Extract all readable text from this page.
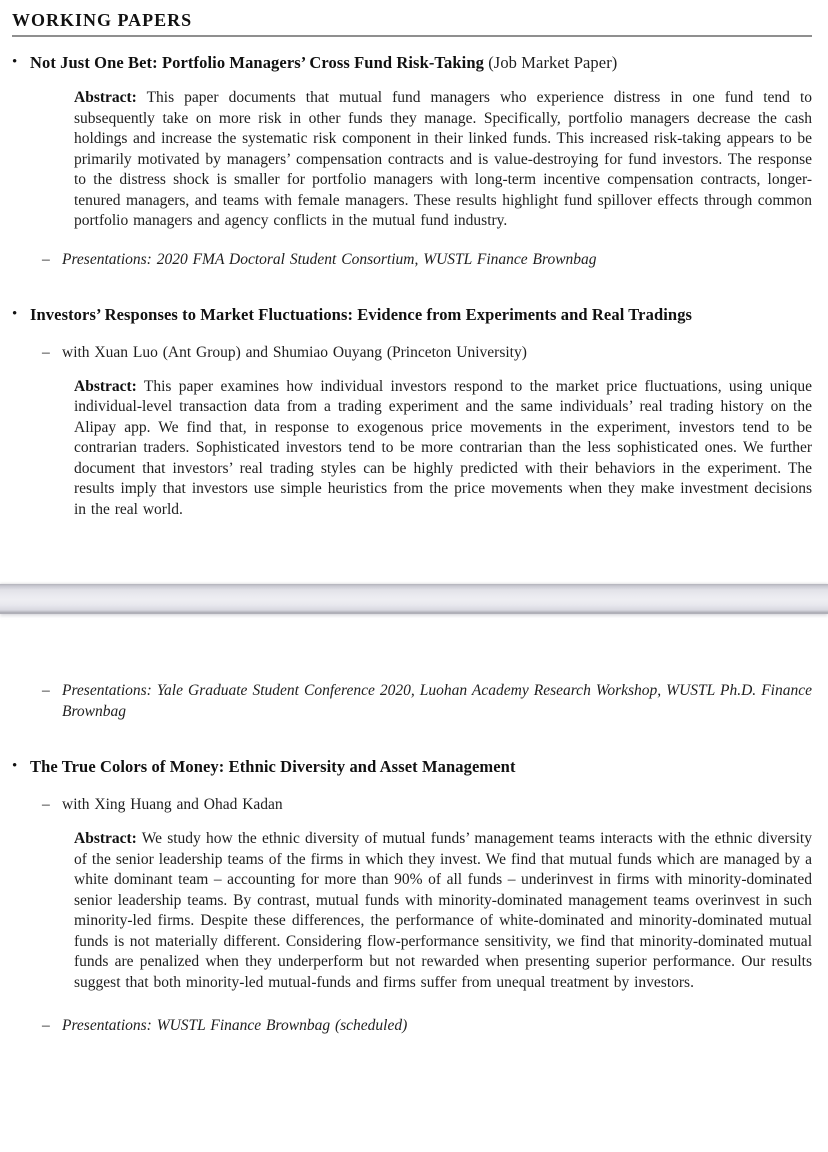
WORKING PAPERS
• Not Just One Bet: Portfolio Managers’ Cross Fund Risk-Taking (Job Market Paper)
Abstract: This paper documents that mutual fund managers who experience distress in one fund tend to subsequently take on more risk in other funds they manage. Specifically, portfolio managers decrease the cash holdings and increase the systematic risk component in their linked funds. This increased risk-taking appears to be primarily motivated by managers’ compensation contracts and is value-destroying for fund investors. The response to the distress shock is smaller for portfolio managers with long-term incentive compensation contracts, longer-tenured managers, and teams with female managers. These results highlight fund spillover effects through common portfolio managers and agency conflicts in the mutual fund industry.
– Presentations: 2020 FMA Doctoral Student Consortium, WUSTL Finance Brownbag
• Investors’ Responses to Market Fluctuations: Evidence from Experiments and Real Tradings
– with Xuan Luo (Ant Group) and Shumiao Ouyang (Princeton University)
Abstract: This paper examines how individual investors respond to the market price fluctuations, using unique individual-level transaction data from a trading experiment and the same individuals’ real trading history on the Alipay app. We find that, in response to exogenous price movements in the experiment, investors tend to be contrarian traders. Sophisticated investors tend to be more contrarian than the less sophisticated ones. We further document that investors’ real trading styles can be highly predicted with their behaviors in the experiment. The results imply that investors use simple heuristics from the price movements when they make investment decisions in the real world.
– Presentations: Yale Graduate Student Conference 2020, Luohan Academy Research Workshop, WUSTL Ph.D. Finance Brownbag
• The True Colors of Money: Ethnic Diversity and Asset Management
– with Xing Huang and Ohad Kadan
Abstract: We study how the ethnic diversity of mutual funds’ management teams interacts with the ethnic diversity of the senior leadership teams of the firms in which they invest. We find that mutual funds which are managed by a white dominant team – accounting for more than 90% of all funds – underinvest in firms with minority-dominated senior leadership teams. By contrast, mutual funds with minority-dominated management teams overinvest in such minority-led firms. Despite these differences, the performance of white-dominated and minority-dominated mutual funds is not materially different. Considering flow-performance sensitivity, we find that minority-dominated mutual funds are penalized when they underperform but not rewarded when presenting superior performance. Our results suggest that both minority-led mutual-funds and firms suffer from unequal treatment by investors.
– Presentations: WUSTL Finance Brownbag (scheduled)
